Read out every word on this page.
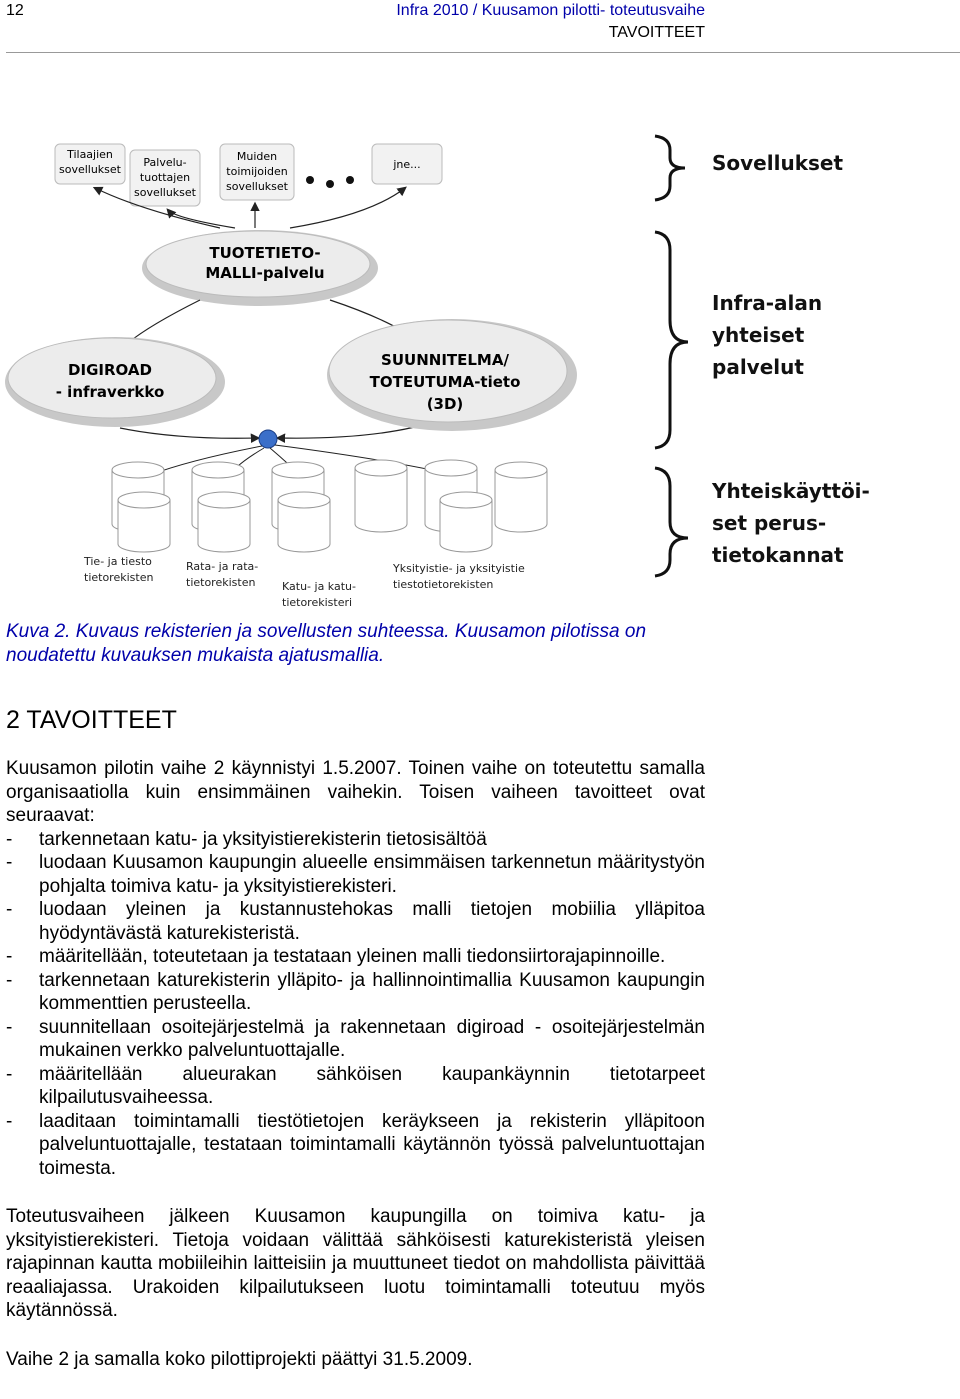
12	Infra 2010 / Kuusamon pilotti- toteutusvaihe
TAVOITTEET
Tilaajien
sovellukset
Palvelu-
tuottajen
sovellukset
Muiden
toimijoiden
sovellukset
jne...
TUOTETIETO-
MALLI-palvelu
DIGIROAD
- infraverkko
SUUNNITELMA/
TOTEUTUMA-tieto
(3D)
Tie- ja tiesto
tietorekisten
Rata- ja rata-
tietorekisten Katu- ja katu-
tietorekisteri
Yksityistie- ja yksityistie
tiestotietorekisten
Sovellukset
Infra-alan
yhteiset
palvelut
Yhteiskäyttöi-
set perus-
tietokannat
Kuva 2. Kuvaus rekisterien ja sovellusten suhteessa. Kuusamon pilotissa on noudatettu kuvauksen mukaista ajatusmallia.
2 TAVOITTEET

Kuusamon pilotin vaihe 2 käynnistyi 1.5.2007. Toinen vaihe on toteutettu samalla organisaatiolla kuin ensimmäinen vaihekin. Toisen vaiheen tavoitteet ovat seuraavat:

- tarkennetaan katu- ja yksityistierekisterin tietosisältöä
- luodaan Kuusamon kaupungin alueelle ensimmäisen tarkennetun määritystyön pohjalta toimiva katu- ja yksityistierekisteri.
- luodaan yleinen ja kustannustehokas malli tietojen mobiilia ylläpitoa hyödyntävästä katurekisteristä.
- määritellään, toteutetaan ja testataan yleinen malli tiedonsiirtorajapinnoille.
- tarkennetaan katurekisterin ylläpito- ja hallinnointimallia Kuusamon kaupungin kommenttien perusteella.
- suunnitellaan osoitejärjestelmä ja rakennetaan digiroad - osoitejärjestelmän mukainen verkko palveluntuottajalle.
- määritellään alueurakan sähköisen kaupankäynnin tietotarpeet kilpailutusvaiheessa.
- laaditaan toimintamalli tiestötietojen keräykseen ja rekisterin ylläpitoon palveluntuottajalle, testataan toimintamalli käytännön työssä palveluntuottajan toimesta.

Toteutusvaiheen jälkeen Kuusamon kaupungilla on toimiva katu- ja yksityistierekisteri. Tietoja voidaan välittää sähköisesti katurekisteristä yleisen rajapinnan kautta mobiileihin laitteisiin ja muuttuneet tiedot on mahdollista päivittää reaaliajassa. Urakoiden kilpailutukseen luotu toimintamalli toteutuu myös käytännössä.

Vaihe 2 ja samalla koko pilottiprojekti päättyi 31.5.2009.
